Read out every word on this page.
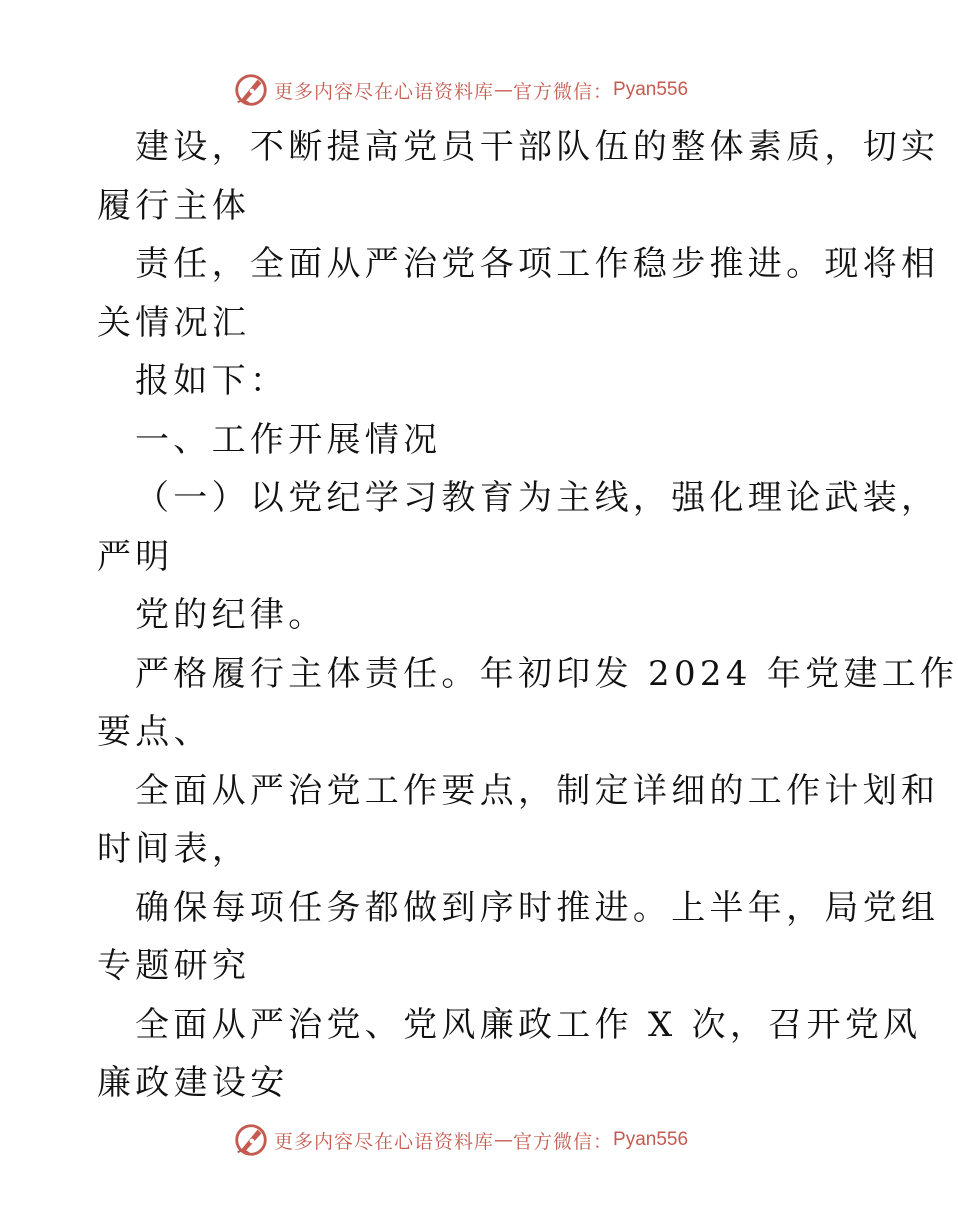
更多内容尽在心语资料库 — 官方微信： Pyan556
建设，不断提高党员干部队伍的整体素质，切实
履行主体
责任，全面从严治党各项工作稳步推进。现将相
关情况汇
报如下：
一、工作开展情况
（一）以党纪学习教育为主线，强化理论武装，
严明
党的纪律。
严格履行主体责任。年初印发 2024 年党建工作
要点、
全面从严治党工作要点，制定详细的工作计划和
时间表，
确保每项任务都做到序时推进。上半年，局党组
专题研究
全面从严治党、党风廉政工作 X 次，召开党风
廉政建设安
更多内容尽在心语资料库 — 官方微信： Pyan556
